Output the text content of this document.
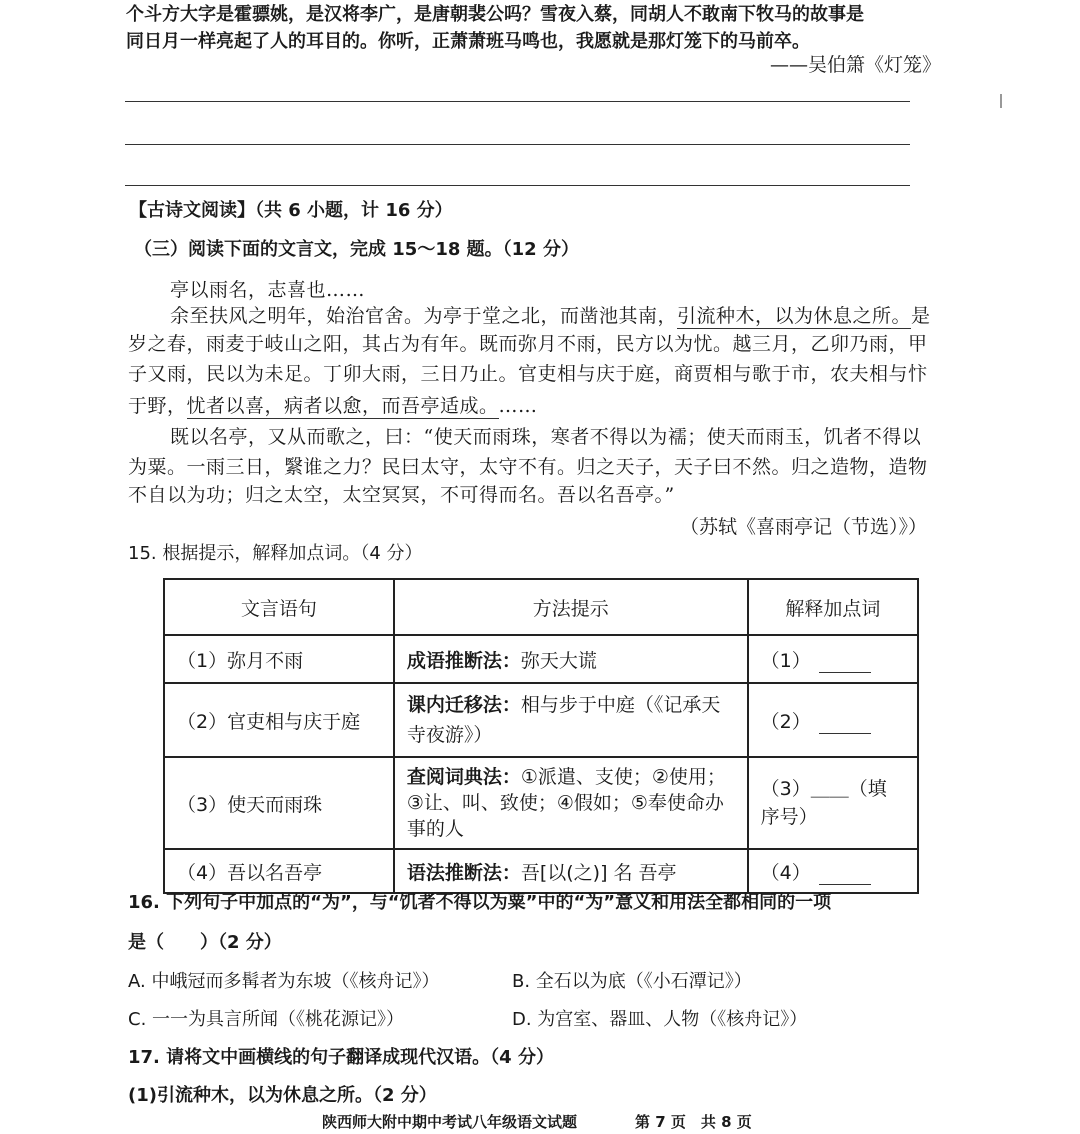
个斗方大字是霍骠姚，是汉将李广，是唐朝裴公吗？雪夜入蔡，同胡人不敢南下牧马的故事是
同日月一样亮起了人的耳目的。你听，正萧萧班马鸣也，我愿就是那灯笼下的马前卒。
——吴伯箫《灯笼》
【古诗文阅读】（共 6 小题，计 16 分）
（三）阅读下面的文言文，完成 15～18 题。（12 分）
亭以雨名，志喜也……
余至扶风之明年，始治官舍。为亭于堂之北，而凿池其南，引流种木，以为休息之所。是
岁之春，雨麦于岐山之阳，其占为有年。既而弥月不雨，民方以为忧。越三月，乙卯乃雨，甲
子又雨，民以为未足。丁卯大雨，三日乃止。官吏相与庆于庭，商贾相与歌于市，农夫相与忭
于野，忧者以喜，病者以愈，而吾亭适成。……
既以名亭，又从而歌之，曰：“使天而雨珠，寒者不得以为襦；使天而雨玉，饥者不得以
为粟。一雨三日，繄谁之力？民曰太守，太守不有。归之天子，天子曰不然。归之造物，造物
不自以为功；归之太空，太空冥冥，不可得而名。吾以名吾亭。”
（苏轼《喜雨亭记（节选）》）
15. 根据提示，解释加点词。（4 分）
文言语句	方法提示	解释加点词
（1）弥月不雨	成语推断法：弥天大谎	（1）
（2）官吏相与庆于庭	课内迁移法：相与步于中庭（《记承天寺夜游》）	（2）
（3）使天而雨珠	查阅词典法：①派遣、支使；②使用；③让、叫、致使；④假如；⑤奉使命办事的人	（3）＿＿（填序号）
（4）吾以名吾亭	语法推断法：吾[以(之)] 名 吾亭	（4）
16. 下列句子中加点的“为”，与“饥者不得以为粟”中的“为”意义和用法全都相同的一项
是（　　）（2 分）
A. 中峨冠而多髯者为东坡（《核舟记》）	B. 全石以为底（《小石潭记》）
C. 一一为具言所闻（《桃花源记》）	D. 为宫室、器皿、人物（《核舟记》）
17. 请将文中画横线的句子翻译成现代汉语。（4 分）
(1)引流种木，以为休息之所。（2 分）
陕西师大附中期中考试八年级语文试题	第 7 页　共 8 页
